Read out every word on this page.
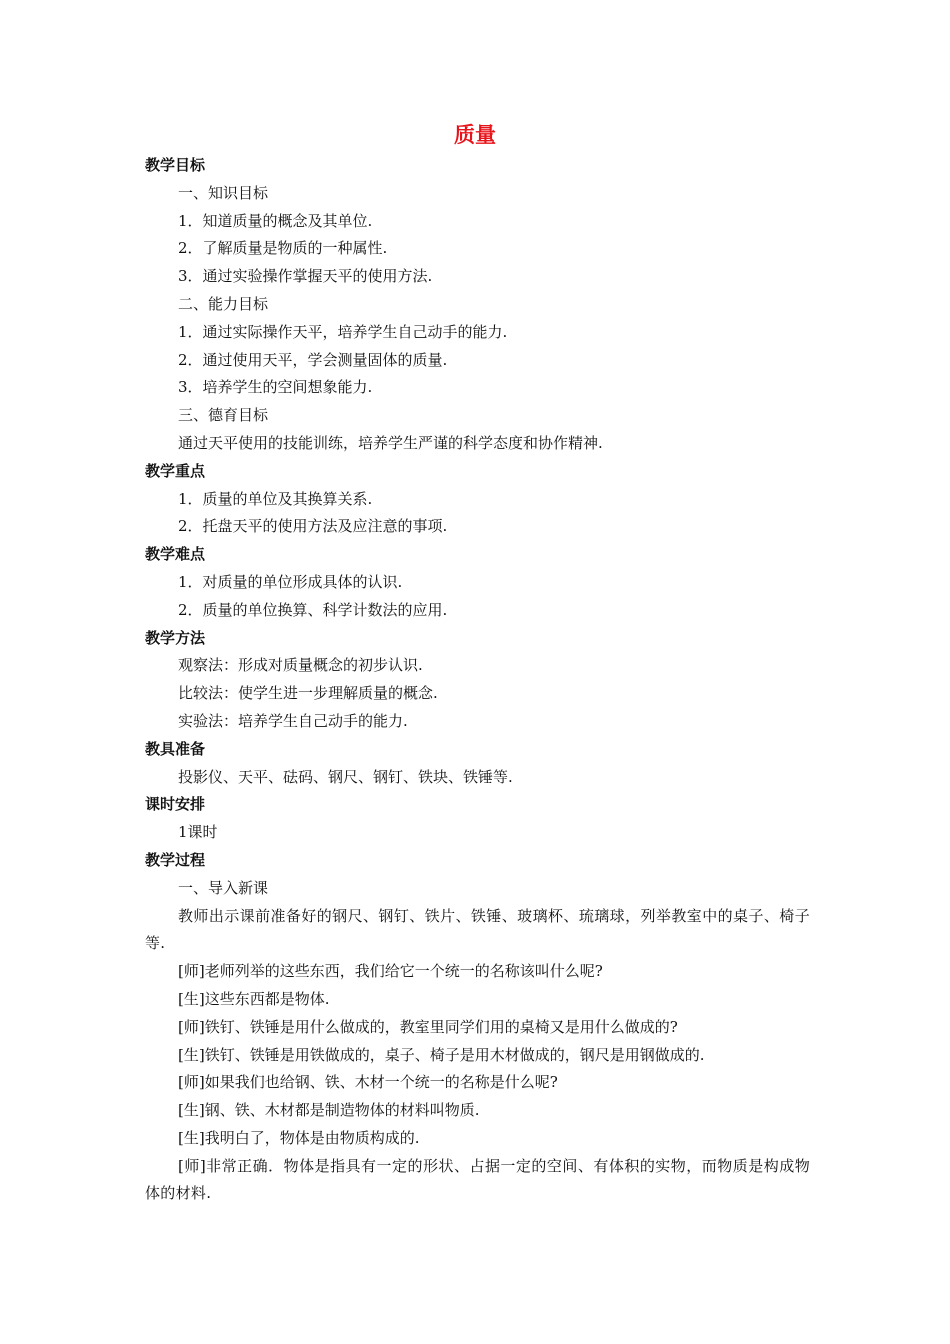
质量
教学目标
一、知识目标
1．知道质量的概念及其单位.
2．了解质量是物质的一种属性.
3．通过实验操作掌握天平的使用方法.
二、能力目标
1．通过实际操作天平，培养学生自己动手的能力.
2．通过使用天平，学会测量固体的质量.
3．培养学生的空间想象能力.
三、德育目标
通过天平使用的技能训练，培养学生严谨的科学态度和协作精神.
教学重点
1．质量的单位及其换算关系.
2．托盘天平的使用方法及应注意的事项.
教学难点
1．对质量的单位形成具体的认识.
2．质量的单位换算、科学计数法的应用.
教学方法
观察法：形成对质量概念的初步认识.
比较法：使学生进一步理解质量的概念.
实验法：培养学生自己动手的能力.
教具准备
投影仪、天平、砝码、钢尺、钢钉、铁块、铁锤等.
课时安排
1课时
教学过程
一、导入新课
教师出示课前准备好的钢尺、钢钉、铁片、铁锤、玻璃杯、琉璃球，列举教室中的桌子、椅子等.
[师]老师列举的这些东西，我们给它一个统一的名称该叫什么呢?
[生]这些东西都是物体.
[师]铁钉、铁锤是用什么做成的，教室里同学们用的桌椅又是用什么做成的?
[生]铁钉、铁锤是用铁做成的，桌子、椅子是用木材做成的，钢尺是用钢做成的.
[师]如果我们也给钢、铁、木材一个统一的名称是什么呢?
[生]钢、铁、木材都是制造物体的材料叫物质.
[生]我明白了，物体是由物质构成的.
[师]非常正确．物体是指具有一定的形状、占据一定的空间、有体积的实物，而物质是构成物体的材料.
